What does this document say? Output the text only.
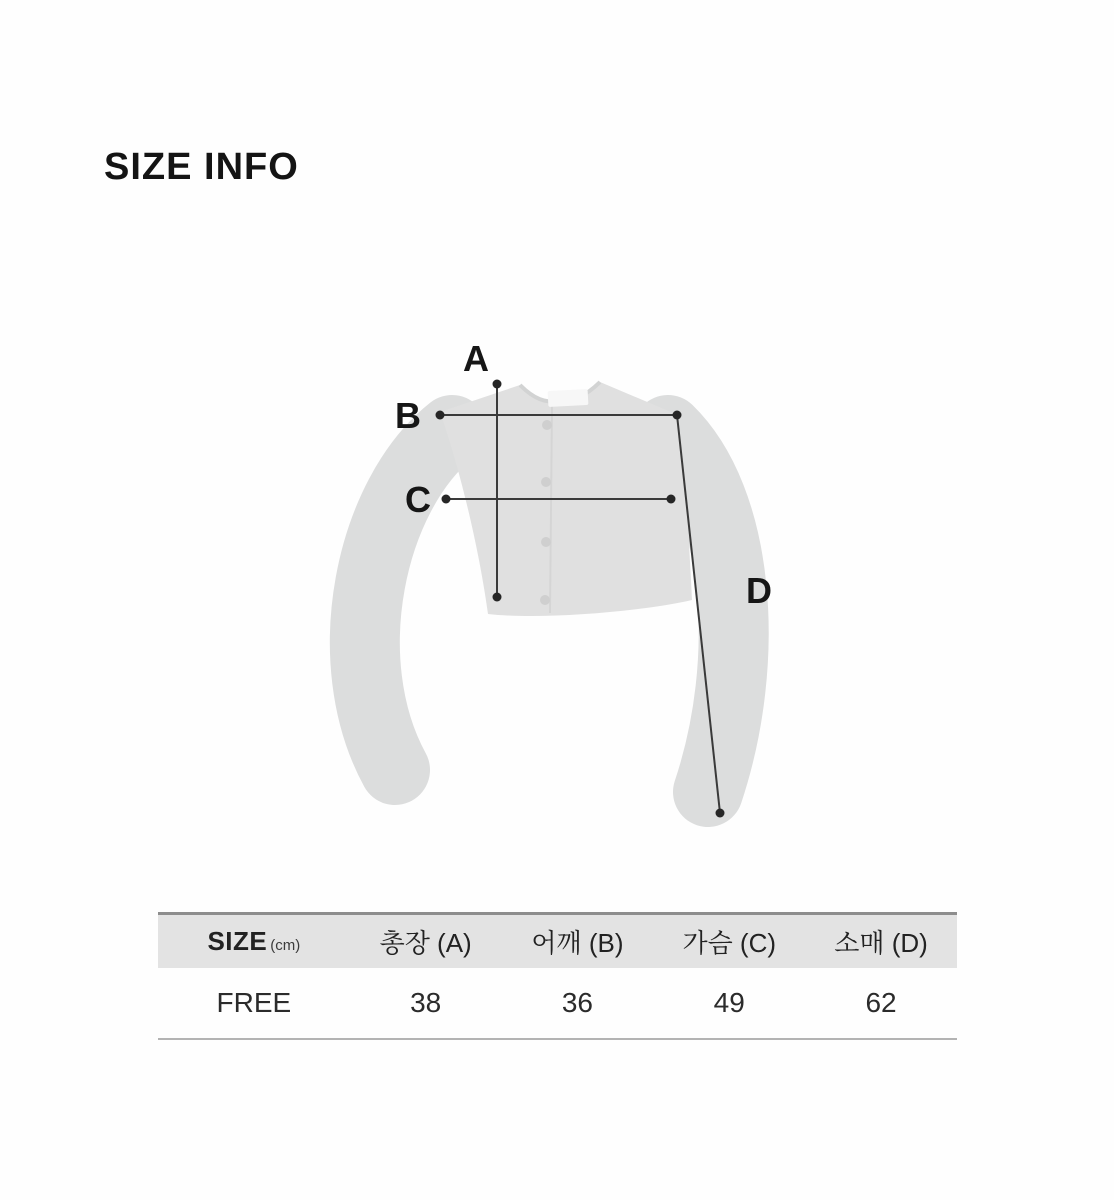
SIZE INFO
A
B
C
D
SIZE (cm)	총장 (A)	어깨 (B)	가슴 (C)	소매 (D)
FREE	38	36	49	62
